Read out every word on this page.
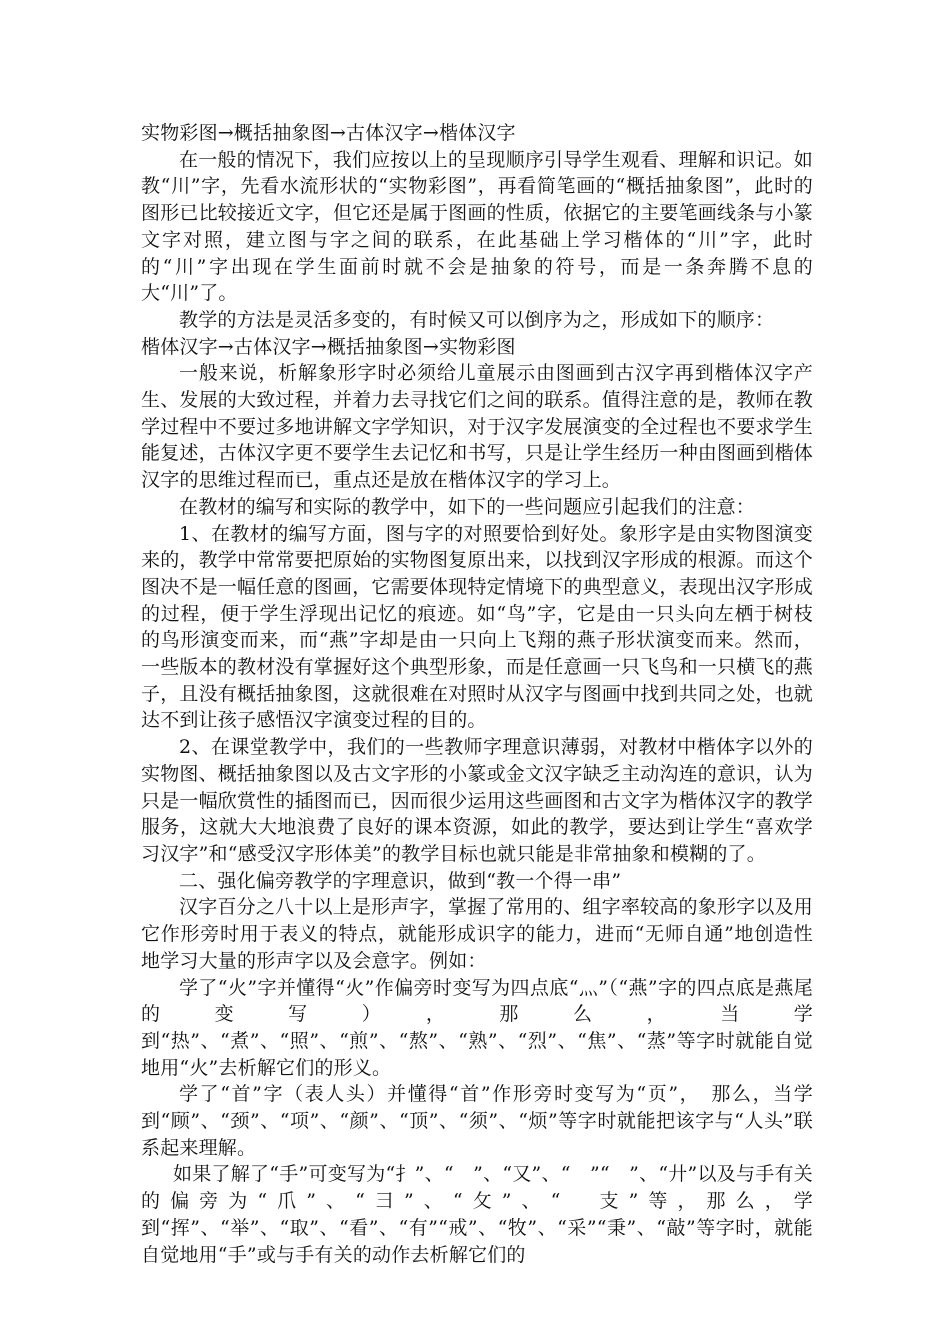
实物彩图→概括抽象图→古体汉字→楷体汉字

在一般的情况下，我们应按以上的呈现顺序引导学生观看、理解和识记。如教“川”字，先看水流形状的“实物彩图”，再看简笔画的“概括抽象图”，此时的图形已比较接近文字，但它还是属于图画的性质，依据它的主要笔画线条与小篆文字对照，建立图与字之间的联系，在此基础上学习楷体的“川”字，此时的“川”字出现在学生面前时就不会是抽象的符号，而是一条奔腾不息的大“川”了。

教学的方法是灵活多变的，有时候又可以倒序为之，形成如下的顺序：

楷体汉字→古体汉字→概括抽象图→实物彩图

一般来说，析解象形字时必须给儿童展示由图画到古汉字再到楷体汉字产生、发展的大致过程，并着力去寻找它们之间的联系。值得注意的是，教师在教学过程中不要过多地讲解文字学知识，对于汉字发展演变的全过程也不要求学生能复述，古体汉字更不要学生去记忆和书写，只是让学生经历一种由图画到楷体汉字的思维过程而已，重点还是放在楷体汉字的学习上。

在教材的编写和实际的教学中，如下的一些问题应引起我们的注意：

1、在教材的编写方面，图与字的对照要恰到好处。象形字是由实物图演变来的，教学中常常要把原始的实物图复原出来，以找到汉字形成的根源。而这个图决不是一幅任意的图画，它需要体现特定情境下的典型意义，表现出汉字形成的过程，便于学生浮现出记忆的痕迹。如“鸟”字，它是由一只头向左栖于树枝的鸟形演变而来，而“燕”字却是由一只向上飞翔的燕子形状演变而来。然而，一些版本的教材没有掌握好这个典型形象，而是任意画一只飞鸟和一只横飞的燕子，且没有概括抽象图，这就很难在对照时从汉字与图画中找到共同之处，也就达不到让孩子感悟汉字演变过程的目的。

2、在课堂教学中，我们的一些教师字理意识薄弱，对教材中楷体字以外的实物图、概括抽象图以及古文字形的小篆或金文汉字缺乏主动沟连的意识，认为只是一幅欣赏性的插图而已，因而很少运用这些画图和古文字为楷体汉字的教学服务，这就大大地浪费了良好的课本资源，如此的教学，要达到让学生“喜欢学习汉字”和“感受汉字形体美”的教学目标也就只能是非常抽象和模糊的了。

二、强化偏旁教学的字理意识，做到“教一个得一串”

汉字百分之八十以上是形声字，掌握了常用的、组字率较高的象形字以及用它作形旁时用于表义的特点，就能形成识字的能力，进而“无师自通”地创造性地学习大量的形声字以及会意字。例如：

学了“火”字并懂得“火”作偏旁时变写为四点底“灬”（“燕”字的四点底是燕尾的变写），那么，当学到“热”、“煮”、“照”、“煎”、“熬”、“熟”、“烈”、“焦”、“蒸”等字时就能自觉地用“火”去析解它们的形义。

学了“首”字（表人头）并懂得“首”作形旁时变写为“页”，　那么，当学到“顾”、“颈”、“项”、“颜”、“顶”、“须”、“烦”等字时就能把该字与“人头”联系起来理解。

如果了解了“手”可变写为“扌”、“　”、“又”、“　”“　”、“廾”以及与手有关的偏旁为“爪”、“彐”、“攵”、“　支”等，那么，学到“挥”、“举”、“取”、“看”、“有”“戒”、“牧”、“采”“秉”、“敲”等字时，就能自觉地用“手”或与手有关的动作去析解它们的
